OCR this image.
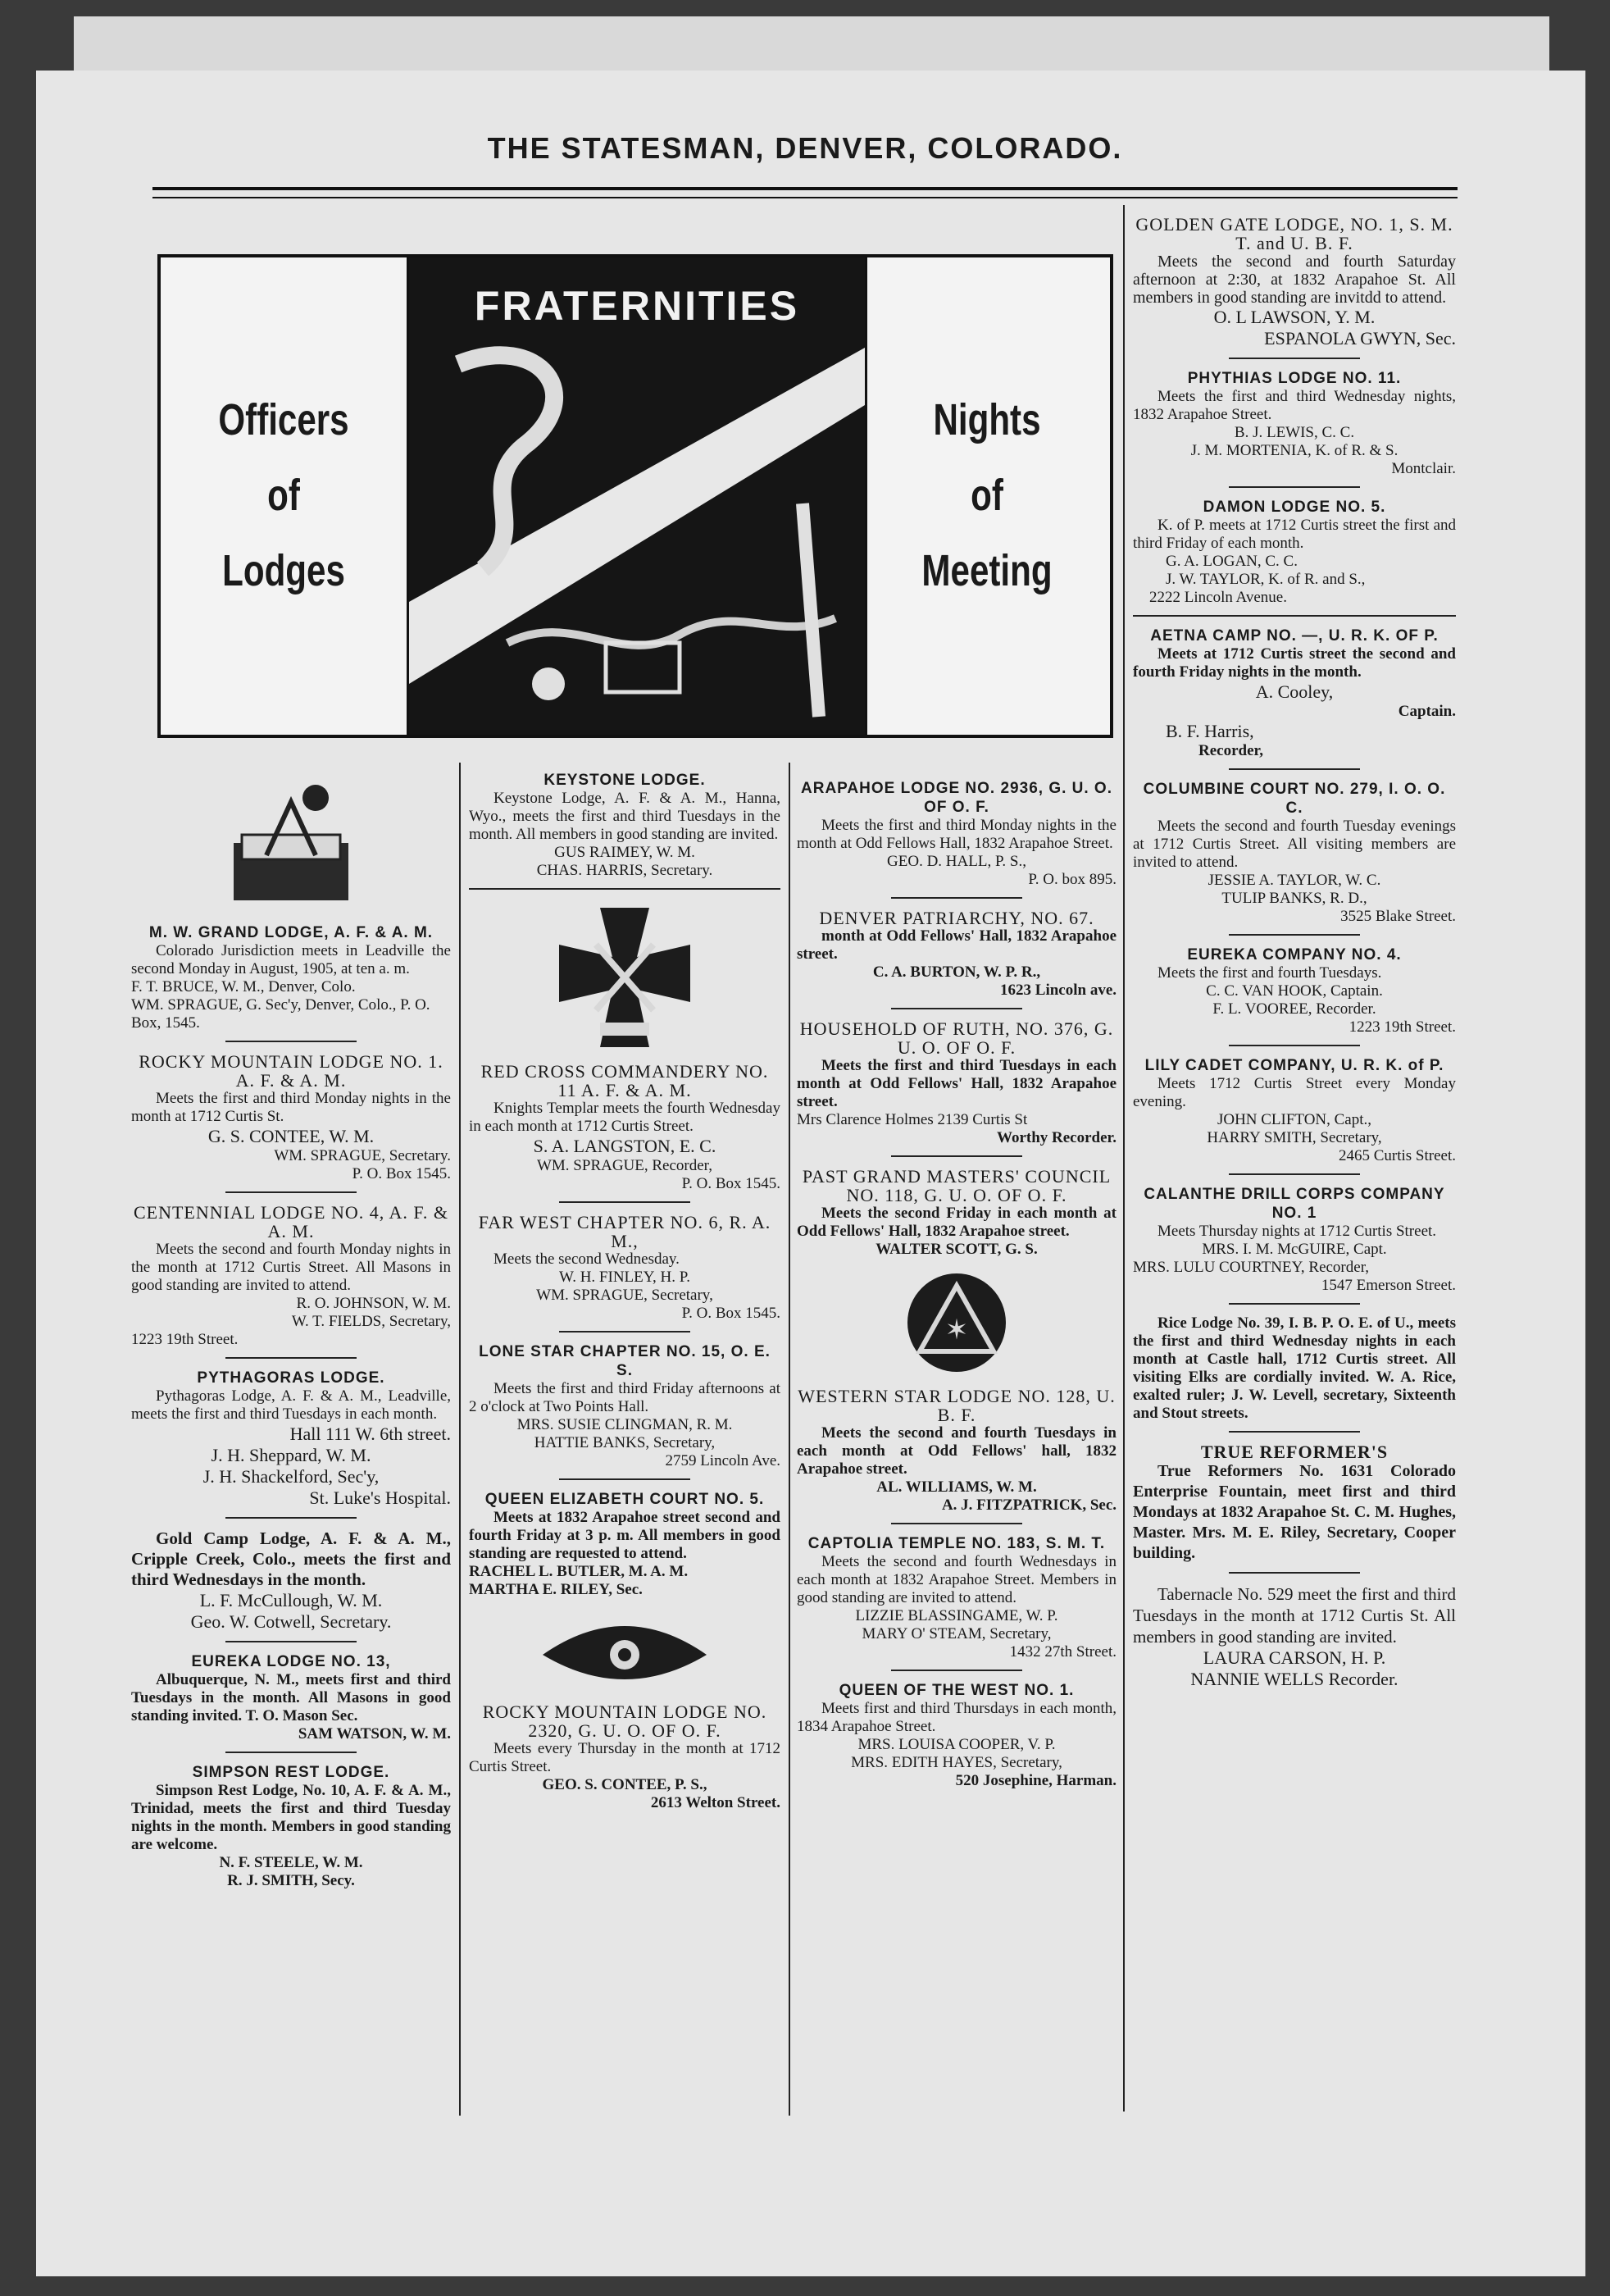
THE STATESMAN, DENVER, COLORADO.
Officers
of
Lodges
FRATERNITIES
Nights
of
Meeting
M. W. GRAND LODGE, A. F. & A. M.
Colorado Jurisdiction meets in Leadville the second Monday in August, 1905, at ten a. m.
F. T. BRUCE, W. M., Denver, Colo.
WM. SPRAGUE, G. Sec'y, Denver, Colo., P. O. Box, 1545.
ROCKY MOUNTAIN LODGE NO. 1. A. F. & A. M.
Meets the first and third Monday nights in the month at 1712 Curtis St.
G. S. CONTEE, W. M.
WM. SPRAGUE, Secretary.
P. O. Box 1545.
CENTENNIAL LODGE NO. 4, A. F. & A. M.
Meets the second and fourth Monday nights in the month at 1712 Curtis Street. All Masons in good standing are invited to attend.
R. O. JOHNSON, W. M.
W. T. FIELDS, Secretary,
1223 19th Street.
PYTHAGORAS LODGE.
Pythagoras Lodge, A. F. & A. M., Leadville, meets the first and third Tuesdays in each month.
Hall 111 W. 6th street.
J. H. Sheppard, W. M.
J. H. Shackelford, Sec'y,
St. Luke's Hospital.
Gold Camp Lodge, A. F. & A. M., Cripple Creek, Colo., meets the first and third Wednesdays in the month.
L. F. McCullough, W. M.
Geo. W. Cotwell, Secretary.
EUREKA LODGE NO. 13,
Albuquerque, N. M., meets first and third Tuesdays in the month. All Masons in good standing invited. T. O. Mason Sec.
SAM WATSON, W. M.
SIMPSON REST LODGE.
Simpson Rest Lodge, No. 10, A. F. & A. M., Trinidad, meets the first and third Tuesday nights in the month. Members in good standing are welcome.
N. F. STEELE, W. M.
R. J. SMITH, Secy.
KEYSTONE LODGE.
Keystone Lodge, A. F. & A. M., Hanna, Wyo., meets the first and third Tuesdays in the month. All members in good standing are invited.
GUS RAIMEY, W. M.
CHAS. HARRIS, Secretary.
RED CROSS COMMANDERY NO. 11 A. F. & A. M.
Knights Templar meets the fourth Wednesday in each month at 1712 Curtis Street.
S. A. LANGSTON, E. C.
WM. SPRAGUE, Recorder,
P. O. Box 1545.
FAR WEST CHAPTER NO. 6, R. A. M.,
Meets the second Wednesday.
W. H. FINLEY, H. P.
WM. SPRAGUE, Secretary,
P. O. Box 1545.
LONE STAR CHAPTER NO. 15, O. E. S.
Meets the first and third Friday afternoons at 2 o'clock at Two Points Hall.
MRS. SUSIE CLINGMAN, R. M.
HATTIE BANKS, Secretary,
2759 Lincoln Ave.
QUEEN ELIZABETH COURT NO. 5.
Meets at 1832 Arapahoe street second and fourth Friday at 3 p. m. All members in good standing are requested to attend.
RACHEL L. BUTLER, M. A. M.
MARTHA E. RILEY, Sec.
ROCKY MOUNTAIN LODGE NO. 2320, G. U. O. OF O. F.
Meets every Thursday in the month at 1712 Curtis Street.
GEO. S. CONTEE, P. S.,
2613 Welton Street.
ARAPAHOE LODGE NO. 2936, G. U. O. OF O. F.
Meets the first and third Monday nights in the month at Odd Fellows Hall, 1832 Arapahoe Street.
GEO. D. HALL, P. S.,
P. O. box 895.
DENVER PATRIARCHY, NO. 67.
month at Odd Fellows' Hall, 1832 Arapahoe street.
C. A. BURTON, W. P. R.,
1623 Lincoln ave.
HOUSEHOLD OF RUTH, NO. 376, G. U. O. OF O. F.
Meets the first and third Tuesdays in each month at Odd Fellows' Hall, 1832 Arapahoe street.
Mrs Clarence Holmes 2139 Curtis St
Worthy Recorder.
PAST GRAND MASTERS' COUNCIL NO. 118, G. U. O. OF O. F.
Meets the second Friday in each month at Odd Fellows' Hall, 1832 Arapahoe street.
WALTER SCOTT, G. S.
✶
WESTERN STAR LODGE NO. 128, U. B. F.
Meets the second and fourth Tuesdays in each month at Odd Fellows' hall, 1832 Arapahoe street.
AL. WILLIAMS, W. M.
A. J. FITZPATRICK, Sec.
CAPTOLIA TEMPLE NO. 183, S. M. T.
Meets the second and fourth Wednesdays in each month at 1832 Arapahoe Street. Members in good standing are invited to attend.
LIZZIE BLASSINGAME, W. P.
MARY O' STEAM, Secretary,
1432 27th Street.
QUEEN OF THE WEST NO. 1.
Meets first and third Thursdays in each month, 1834 Arapahoe Street.
MRS. LOUISA COOPER, V. P.
MRS. EDITH HAYES, Secretary,
520 Josephine, Harman.
GOLDEN GATE LODGE, NO. 1, S. M. T. and U. B. F.
Meets the second and fourth Saturday afternoon at 2:30, at 1832 Arapahoe St. All members in good standing are invitdd to attend.
O. L LAWSON, Y. M.
ESPANOLA GWYN, Sec.
PHYTHIAS LODGE NO. 11.
Meets the first and third Wednesday nights, 1832 Arapahoe Street.
B. J. LEWIS, C. C.
J. M. MORTENIA, K. of R. & S.
Montclair.
DAMON LODGE NO. 5.
K. of P. meets at 1712 Curtis street the first and third Friday of each month.
G. A. LOGAN, C. C.
J. W. TAYLOR, K. of R. and S.,
2222 Lincoln Avenue.
AETNA CAMP NO. —, U. R. K. OF P.
Meets at 1712 Curtis street the second and fourth Friday nights in the month.
A. Cooley,
Captain.
B. F. Harris,
Recorder,
COLUMBINE COURT NO. 279, I. O. O. C.
Meets the second and fourth Tuesday evenings at 1712 Curtis Street. All visiting members are invited to attend.
JESSIE A. TAYLOR, W. C.
TULIP BANKS, R. D.,
3525 Blake Street.
EUREKA COMPANY NO. 4.
Meets the first and fourth Tuesdays.
C. C. VAN HOOK, Captain.
F. L. VOOREE, Recorder.
1223 19th Street.
LILY CADET COMPANY, U. R. K. of P.
Meets 1712 Curtis Street every Monday evening.
JOHN CLIFTON, Capt.,
HARRY SMITH, Secretary,
2465 Curtis Street.
CALANTHE DRILL CORPS COMPANY NO. 1
Meets Thursday nights at 1712 Curtis Street.
MRS. I. M. McGUIRE, Capt.
MRS. LULU COURTNEY, Recorder,
1547 Emerson Street.
Rice Lodge No. 39, I. B. P. O. E. of U., meets the first and third Wednesday nights in each month at Castle hall, 1712 Curtis street. All visiting Elks are cordially invited. W. A. Rice, exalted ruler; J. W. Levell, secretary, Sixteenth and Stout streets.
TRUE REFORMER'S
True Reformers No. 1631 Colorado Enterprise Fountain, meet first and third Mondays at 1832 Arapahoe St. C. M. Hughes, Master. Mrs. M. E. Riley, Secretary, Cooper building.
Tabernacle No. 529 meet the first and third Tuesdays in the month at 1712 Curtis St. All members in good standing are invited.
LAURA CARSON, H. P.
NANNIE WELLS Recorder.
